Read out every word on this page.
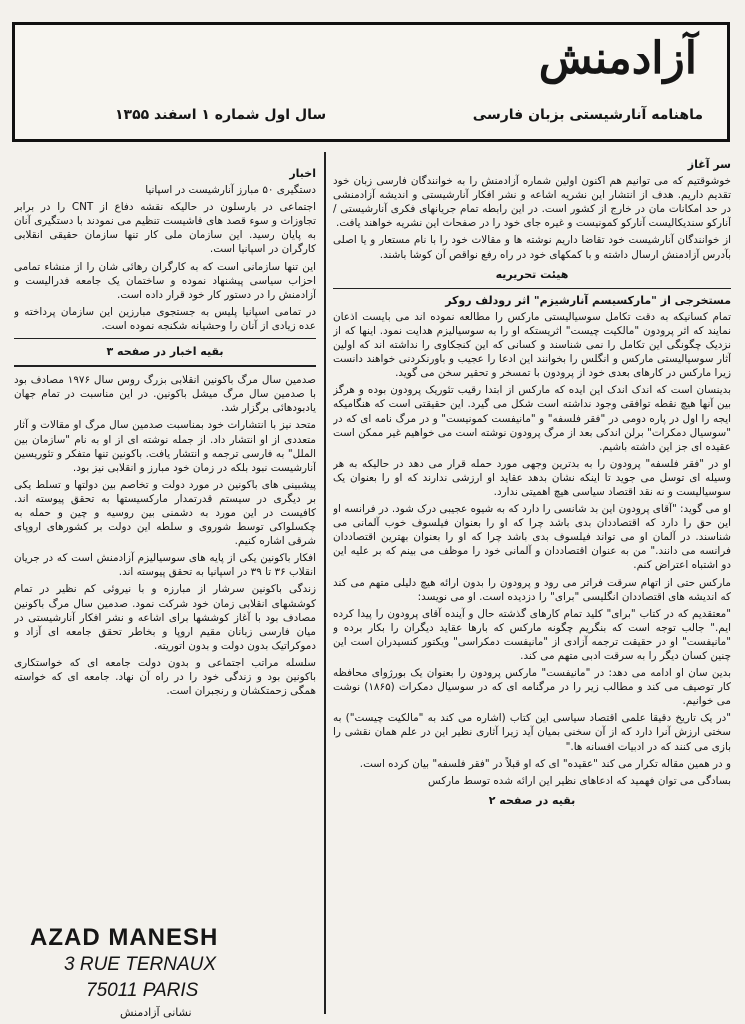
آزادمنش
ماهنامه آنارشیستی بزبان فارسی
سال اول شماره ۱ اسفند ۱۳۵۵
سر آغاز

خوشوقتیم که می توانیم هم اکنون اولین شماره آزادمنش را به خوانندگان فارسی زبان خود تقدیم داریم. هدف از انتشار این نشریه اشاعه و نشر افکار آنارشیستی و اندیشه آزادمنشی در حد امکانات مان در خارج از کشور است. در این رابطه تمام جریانهای فکری آنارشیستی / آنارکو سندیکالیست آنارکو کمونیست و غیره جای خود را در صفحات این نشریه خواهند یافت.

از خوانندگان آنارشیست خود تقاضا داریم نوشته ها و مقالات خود را با نام مستعار و یا اصلی بآدرس آزادمنش ارسال داشته و با کمکهای خود در راه رفع نواقص آن کوشا باشند.

هیئت تحریریه
مستخرجی از "مارکسیسم آنارشیزم" اثر رودلف روکر

تمام کسانیکه به دقت تکامل سوسیالیستی مارکس را مطالعه نموده اند می بایست اذعان نمایند که اثر پرودون "مالکیت چیست" اثریستکه او را به سوسیالیزم هدایت نمود. اینها که از نزدیک چگونگی این تکامل را نمی شناسند و کسانی که این کنجکاوی را نداشته اند که اولین آثار سوسیالیستی مارکس و انگلس را بخوانند این ادعا را عجیب و باورنکردنی خواهند دانست زیرا مارکس در کارهای بعدی خود از پرودون با تمسخر و تحقیر سخن می گوید.

بدینسان است که اندک اندک این ایده که مارکس از ابتدا رقیب تئوریک پرودون بوده و هرگز بین آنها هیچ نقطه توافقی وجود نداشته است شکل می گیرد. این حقیقتی است که هنگامیکه ایجه را اول در پاره دومی در "فقر فلسفه" و "مانیفست کمونیست" و در مرگ نامه ای که در "سوسیال دمکرات" برلن اندکی بعد از مرگ پرودون نوشته است می خواهیم غیر ممکن است عقیده ای جز این داشته باشیم.

او در "فقر فلسفه" پرودون را به بدترین وجهی مورد حمله قرار می دهد در حالیکه به هر وسیله ای توسل می جوید تا اینکه نشان بدهد عقاید او ارزشی ندارند که او را بعنوان یک سوسیالیست و نه نقد اقتصاد سیاسی هیچ اهمیتی ندارد.

او می گوید: "آقای پرودون این بد شانسی را دارد که به شیوه عجیبی درک شود. در فرانسه او این حق را دارد که اقتصاددان بدی باشد چرا که او را بعنوان فیلسوف خوب آلمانی می شناسند. در آلمان او می تواند فیلسوف بدی باشد چرا که او را بعنوان بهترین اقتصاددان فرانسه می دانند." من به عنوان اقتصاددان و آلمانی خود را موظف می بینم که بر علیه این دو اشتباه اعتراض کنم.

مارکس حتی از اتهام سرقت فراتر می رود و پرودون را بدون ارائه هیچ دلیلی متهم می کند که اندیشه های اقتصاددان انگلیسی "برای" را دزدیده است. او می نویسد:

"معتقدیم که در کتاب "برای" کلید تمام کارهای گذشته حال و آینده آقای پرودون را پیدا کرده ایم." جالب توجه است که بنگریم چگونه مارکس که بارها عقاید دیگران را بکار برده و "مانیفست" او در حقیقت ترجمه آزادی از "مانیفست دمکراسی" ویکتور کنسیدران است این چنین کسان دیگر را به سرقت ادبی متهم می کند.

بدین سان او ادامه می دهد: در "مانیفست" مارکس پرودون را بعنوان یک بورژوای محافظه کار توصیف می کند و مطالب زیر را در مرگنامه ای که در سوسیال دمکرات (۱۸۶۵) نوشت می خوانیم.

"در یک تاریخ دقیقا علمی اقتصاد سیاسی این کتاب (اشاره می کند به "مالکیت چیست") به سختی ارزش آنرا دارد که از آن سخنی بمیان آید زیرا آثاری نظیر این در علم همان نقشی را بازی می کنند که در ادبیات افسانه ها."

و در همین مقاله تکرار می کند "عقیده" ای که او قبلاً در "فقر فلسفه" بیان کرده است.

بسادگی می توان فهمید که ادعاهای نظیر این ارائه شده توسط مارکس

بقیه در صفحه ۲
اخبار

دستگیری ۵۰ مبارز آنارشیست در اسپانیا

اجتماعی در بارسلون در حالیکه نقشه دفاع از CNT را در برابر تجاوزات و سوء قصد های فاشیست تنظیم می نمودند با دستگیری آنان به پایان رسید. این سازمان ملی کار تنها سازمان حقیقی انقلابی کارگران در اسپانیا است.

این تنها سازمانی است که به کارگران رهائی شان را از منشاء تمامی احزاب سیاسی پیشنهاد نموده و ساختمان یک جامعه فدرالیست و آزادمنش را در دستور کار خود قرار داده است.

در تمامی اسپانیا پلیس به جستجوی مبارزین این سازمان پرداخته و عده زیادی از آنان را وحشیانه شکنجه نموده است.

بقیه اخبار در صفحه ۳

صدمین سال مرگ باکونین انقلابی بزرگ روس سال ۱۹۷۶ مصادف بود با صدمین سال مرگ میشل باکونین. در این مناسبت در تمام جهان یادبودهائی برگزار شد.

متحد نیز با انتشارات خود بمناسبت صدمین سال مرگ او مقالات و آثار متعددی از او انتشار داد. از جمله نوشته ای از او به نام "سازمان بین الملل" به فارسی ترجمه و انتشار یافت. باکونین تنها متفکر و تئوریسین آنارشیست نبود بلکه در زمان خود مبارز و انقلابی نیز بود.

پیشبینی های باکونین در مورد دولت و تخاصم بین دولتها و تسلط یکی بر دیگری در سیستم قدرتمدار مارکسیستها به تحقق پیوسته اند. کافیست در این مورد به دشمنی بین روسیه و چین و حمله به چکسلواکی توسط شوروی و سلطه این دولت بر کشورهای اروپای شرقی اشاره کنیم.

افکار باکونین یکی از پایه های سوسیالیزم آزادمنش است که در جریان انقلاب ۳۶ تا ۳۹ در اسپانیا به تحقق پیوسته اند.

زندگی باکونین سرشار از مبارزه و با نیروئی کم نظیر در تمام کوششهای انقلابی زمان خود شرکت نمود. صدمین سال مرگ باکونین مصادف بود با آغاز کوششها برای اشاعه و نشر افکار آنارشیستی در میان فارسی زبانان مقیم اروپا و بخاطر تحقق جامعه ای آزاد و دموکراتیک بدون دولت و بدون اتوریته.

سلسله مراتب اجتماعی و بدون دولت جامعه ای که خواستکاری باکونین بود و زندگی خود را در راه آن نهاد. جامعه ای که خواسته همگی زحمتکشان و رنجبران است.

AZAD MANESH
3 RUE TERNAUX
75011 PARIS
نشانی آزادمنش
